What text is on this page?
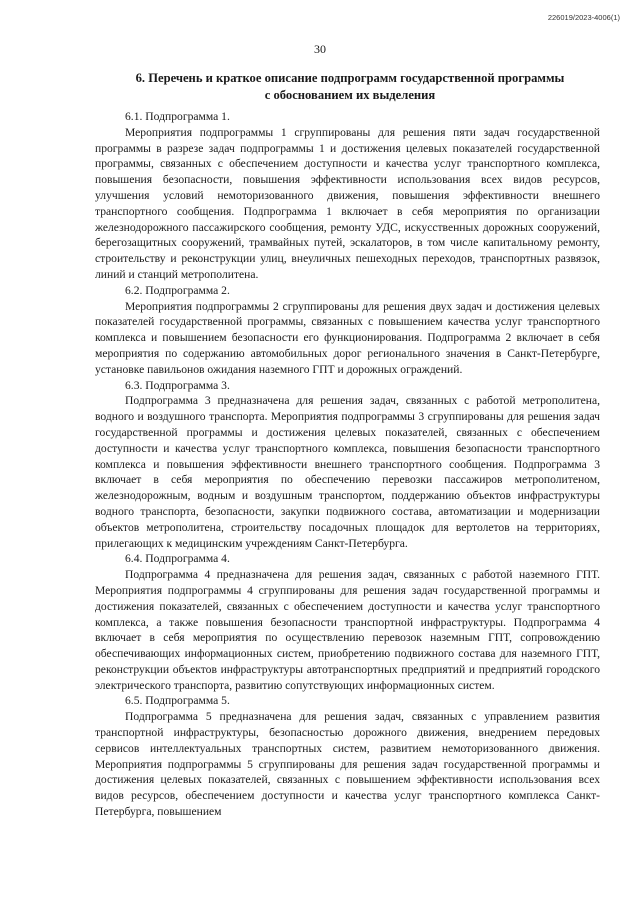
226019/2023-4006(1)
30
6. Перечень и краткое описание подпрограмм государственной программы
с обоснованием их выделения

6.1. Подпрограмма 1.

Мероприятия подпрограммы 1 сгруппированы для решения пяти задач государственной программы в разрезе задач подпрограммы 1 и достижения целевых показателей государственной программы, связанных с обеспечением доступности и качества услуг транспортного комплекса, повышения безопасности, повышения эффективности использования всех видов ресурсов, улучшения условий немоторизованного движения, повышения эффективности внешнего транспортного сообщения. Подпрограмма 1 включает в себя мероприятия по организации железнодорожного пассажирского сообщения, ремонту УДС, искусственных дорожных сооружений, берегозащитных сооружений, трамвайных путей, эскалаторов, в том числе капитальному ремонту, строительству и реконструкции улиц, внеуличных пешеходных переходов, транспортных развязок, линий и станций метрополитена.

6.2. Подпрограмма 2.

Мероприятия подпрограммы 2 сгруппированы для решения двух задач и достижения целевых показателей государственной программы, связанных с повышением качества услуг транспортного комплекса и повышением безопасности его функционирования. Подпрограмма 2 включает в себя мероприятия по содержанию автомобильных дорог регионального значения в Санкт-Петербурге, установке павильонов ожидания наземного ГПТ и дорожных ограждений.

6.3. Подпрограмма 3.

Подпрограмма 3 предназначена для решения задач, связанных с работой метрополитена, водного и воздушного транспорта. Мероприятия подпрограммы 3 сгруппированы для решения задач государственной программы и достижения целевых показателей, связанных с обеспечением доступности и качества услуг транспортного комплекса, повышения безопасности транспортного комплекса и повышения эффективности внешнего транспортного сообщения. Подпрограмма 3 включает в себя мероприятия по обеспечению перевозки пассажиров метрополитеном, железнодорожным, водным и воздушным транспортом, поддержанию объектов инфраструктуры водного транспорта, безопасности, закупки подвижного состава, автоматизации и модернизации объектов метрополитена, строительству посадочных площадок для вертолетов на территориях, прилегающих к медицинским учреждениям Санкт-Петербурга.

6.4. Подпрограмма 4.

Подпрограмма 4 предназначена для решения задач, связанных с работой наземного ГПТ. Мероприятия подпрограммы 4 сгруппированы для решения задач государственной программы и достижения показателей, связанных с обеспечением доступности и качества услуг транспортного комплекса, а также повышения безопасности транспортной инфраструктуры. Подпрограмма 4 включает в себя мероприятия по осуществлению перевозок наземным ГПТ, сопровождению обеспечивающих информационных систем, приобретению подвижного состава для наземного ГПТ, реконструкции объектов инфраструктуры автотранспортных предприятий и предприятий городского электрического транспорта, развитию сопутствующих информационных систем.

6.5. Подпрограмма 5.

Подпрограмма 5 предназначена для решения задач, связанных с управлением развития транспортной инфраструктуры, безопасностью дорожного движения, внедрением передовых сервисов интеллектуальных транспортных систем, развитием немоторизованного движения. Мероприятия подпрограммы 5 сгруппированы для решения задач государственной программы и достижения целевых показателей, связанных с повышением эффективности использования всех видов ресурсов, обеспечением доступности и качества услуг транспортного комплекса Санкт-Петербурга, повышением
